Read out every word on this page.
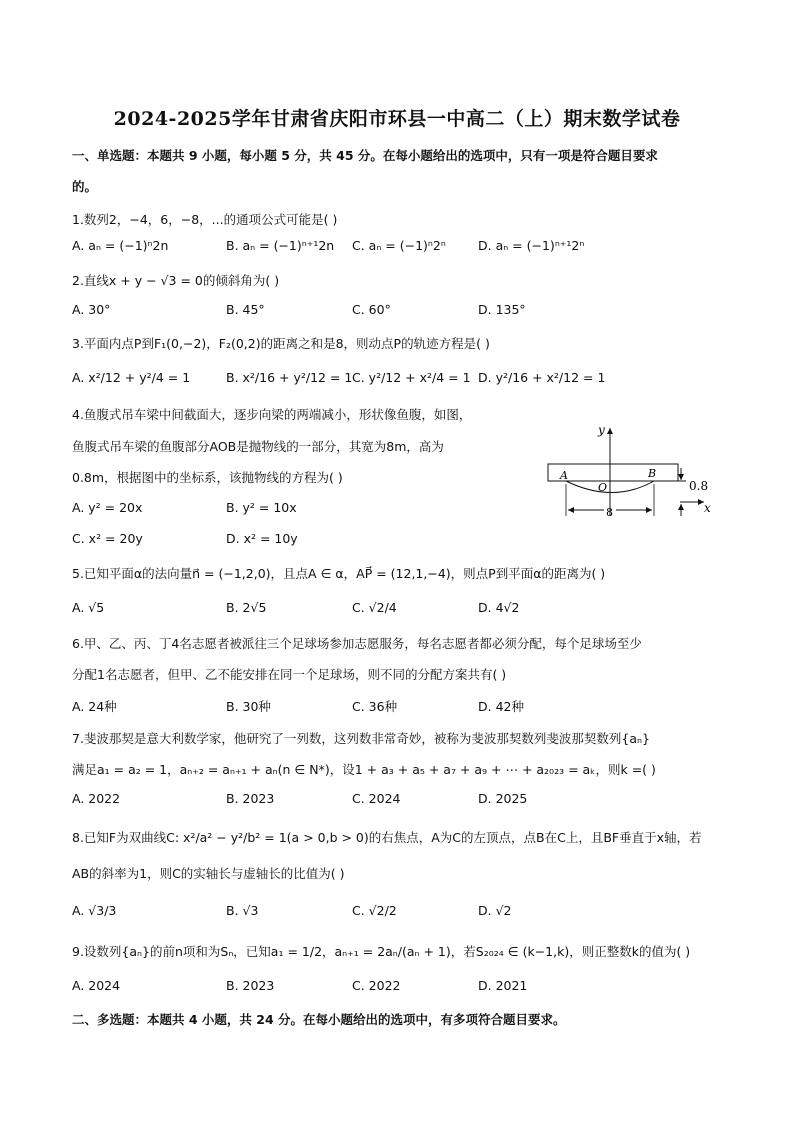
2024-2025学年甘肃省庆阳市环县一中高二（上）期末数学试卷
一、单选题：本题共 9 小题，每小题 5 分，共 45 分。在每小题给出的选项中，只有一项是符合题目要求
的。
1.数列2，−4，6，−8，...的通项公式可能是( )
A. aₙ = (−1)ⁿ2n	B. aₙ = (−1)ⁿ⁺¹2n C. aₙ = (−1)ⁿ2ⁿ	D. aₙ = (−1)ⁿ⁺¹2ⁿ
2.直线x + y − √3 = 0的倾斜角为( )
A. 30°	B. 45°	C. 60°	D. 135°
3.平面内点P到F₁(0,−2)，F₂(0,2)的距离之和是8，则动点P的轨迹方程是( )
A. x²/12 + y²/4 = 1	B. x²/16 + y²/12 = 1 C. y²/12 + x²/4 = 1 D. y²/16 + x²/12 = 1
4.鱼腹式吊车梁中间截面大，逐步向梁的两端减小，形状像鱼腹，如图，
鱼腹式吊车梁的鱼腹部分AOB是抛物线的一部分，其宽为8m，高为
0.8m，根据图中的坐标系，该抛物线的方程为( )
A. y² = 20x	B. y² = 10x
C. x² = 20y	D. x² = 10y
y
x
A	B
O	0.8
8
5.已知平面α的法向量n⃗ = (−1,2,0)，且点A ∈ α，AP⃗ = (12,1,−4)，则点P到平面α的距离为( )
A. √5	B. 2√5	C. √2/4	D. 4√2
6.甲、乙、丙、丁4名志愿者被派往三个足球场参加志愿服务，每名志愿者都必须分配，每个足球场至少
分配1名志愿者，但甲、乙不能安排在同一个足球场，则不同的分配方案共有( )
A. 24种	B. 30种	C. 36种	D. 42种
7.斐波那契是意大利数学家，他研究了一列数，这列数非常奇妙，被称为斐波那契数列斐波那契数列{aₙ}
满足a₁ = a₂ = 1，aₙ₊₂ = aₙ₊₁ + aₙ(n ∈ N*)，设1 + a₃ + a₅ + a₇ + a₉ + ⋯ + a₂₀₂₃ = aₖ，则k =( )
A. 2022	B. 2023	C. 2024	D. 2025
8.已知F为双曲线C: x²/a² − y²/b² = 1(a > 0,b > 0)的右焦点，A为C的左顶点，点B在C上，且BF垂直于x轴，若
AB的斜率为1，则C的实轴长与虚轴长的比值为( )
A. √3/3	B. √3	C. √2/2	D. √2
9.设数列{aₙ}的前n项和为Sₙ，已知a₁ = 1/2，aₙ₊₁ = 2aₙ/(aₙ + 1)，若S₂₀₂₄ ∈ (k−1,k)，则正整数k的值为( )
A. 2024	B. 2023	C. 2022	D. 2021
二、多选题：本题共 4 小题，共 24 分。在每小题给出的选项中，有多项符合题目要求。
